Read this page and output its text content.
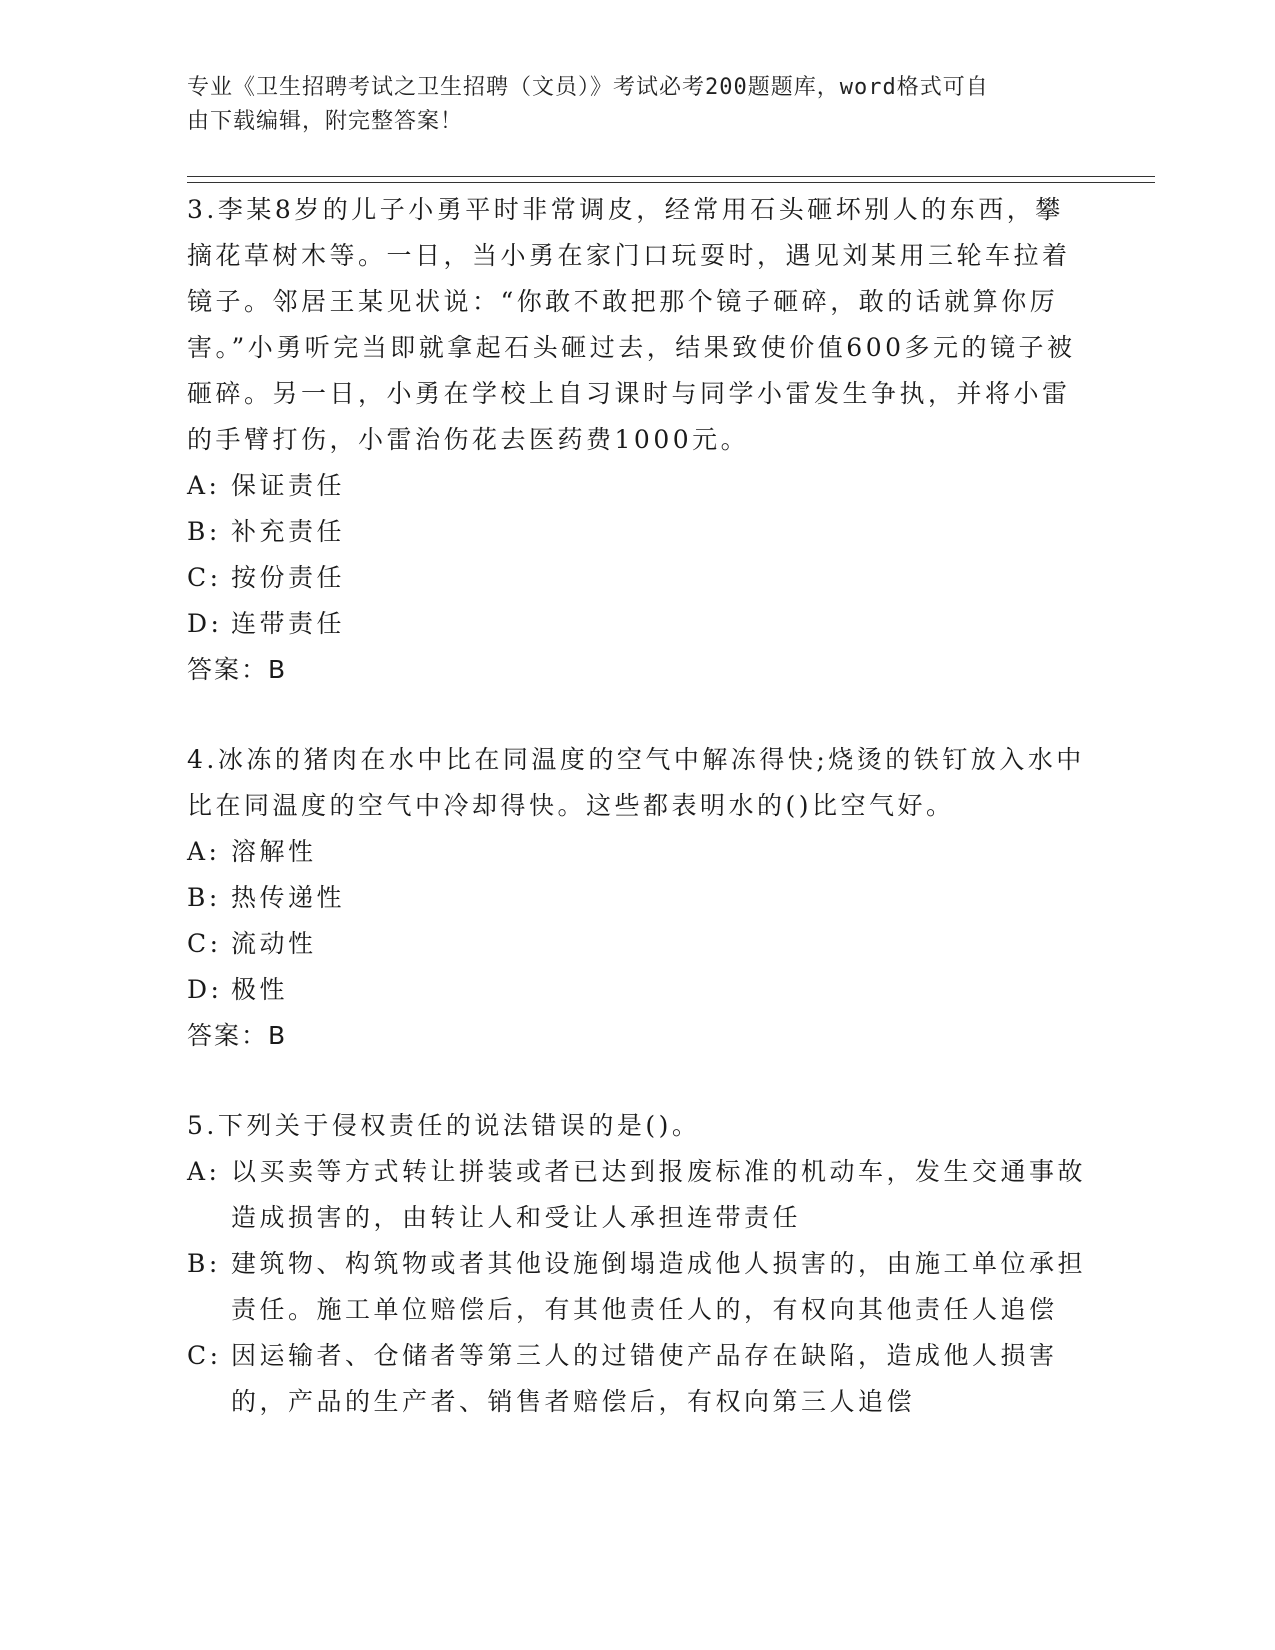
专业《卫生招聘考试之卫生招聘（文员）》考试必考200题题库，word格式可自
由下载编辑，附完整答案！

3.李某8岁的儿子小勇平时非常调皮，经常用石头砸坏别人的东西，攀摘花草树木等。一日，当小勇在家门口玩耍时，遇见刘某用三轮车拉着镜子。邻居王某见状说：“你敢不敢把那个镜子砸碎，敢的话就算你厉害。”小勇听完当即就拿起石头砸过去，结果致使价值600多元的镜子被砸碎。另一日，小勇在学校上自习课时与同学小雷发生争执，并将小雷的手臂打伤，小雷治伤花去医药费1000元。

A: 保证责任
B: 补充责任
C: 按份责任
D: 连带责任

答案：B

4.冰冻的猪肉在水中比在同温度的空气中解冻得快;烧烫的铁钉放入水中比在同温度的空气中冷却得快。这些都表明水的()比空气好。

A: 溶解性
B: 热传递性
C: 流动性
D: 极性

答案：B

5.下列关于侵权责任的说法错误的是()。

A: 以买卖等方式转让拼装或者已达到报废标准的机动车，发生交通事故造成损害的，由转让人和受让人承担连带责任
B: 建筑物、构筑物或者其他设施倒塌造成他人损害的，由施工单位承担责任。施工单位赔偿后，有其他责任人的，有权向其他责任人追偿
C: 因运输者、仓储者等第三人的过错使产品存在缺陷，造成他人损害的，产品的生产者、销售者赔偿后，有权向第三人追偿
